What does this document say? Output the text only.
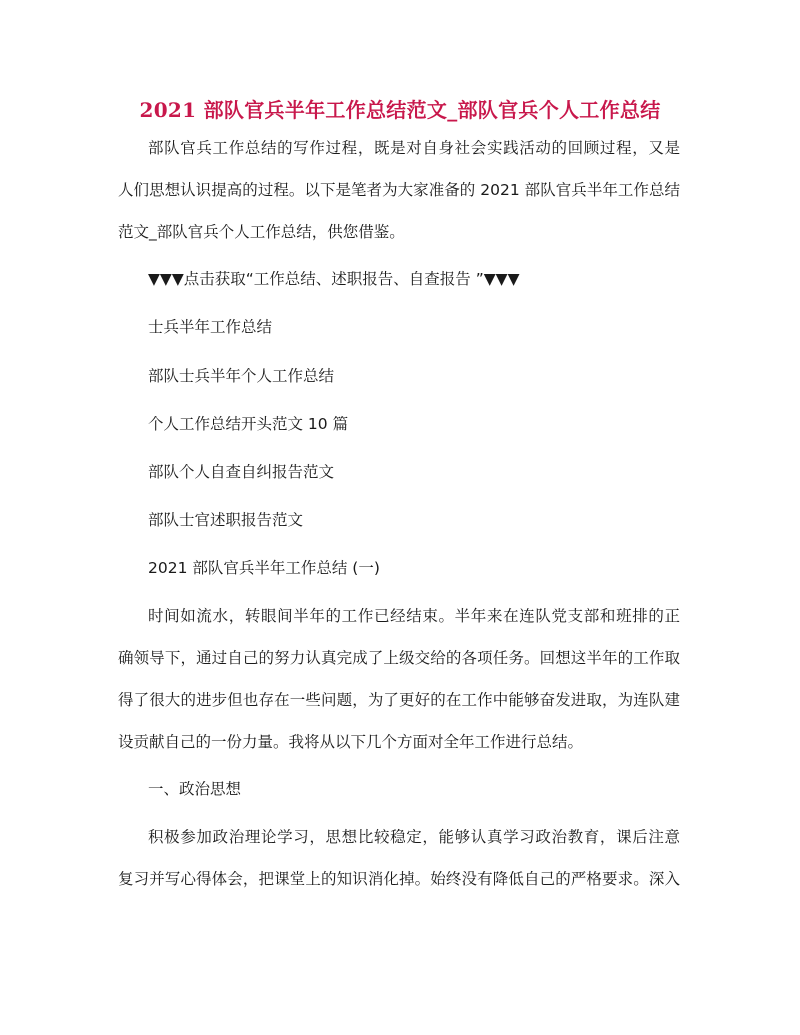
2021 部队官兵半年工作总结范文_部队官兵个人工作总结
部队官兵工作总结的写作过程，既是对自身社会实践活动的回顾过程，又是
人们思想认识提高的过程。以下是笔者为大家准备的 2021 部队官兵半年工作总结
范文_部队官兵个人工作总结，供您借鉴。
▼▼▼点击获取“工作总结、述职报告、自查报告 ”▼▼▼
士兵半年工作总结
部队士兵半年个人工作总结
个人工作总结开头范文 10 篇
部队个人自查自纠报告范文
部队士官述职报告范文
2021 部队官兵半年工作总结 (一)
时间如流水，转眼间半年的工作已经结束。半年来在连队党支部和班排的正
确领导下，通过自己的努力认真完成了上级交给的各项任务。回想这半年的工作取
得了很大的进步但也存在一些问题，为了更好的在工作中能够奋发进取，为连队建
设贡献自己的一份力量。我将从以下几个方面对全年工作进行总结。
一、政治思想
积极参加政治理论学习，思想比较稳定，能够认真学习政治教育，课后注意
复习并写心得体会，把课堂上的知识消化掉。始终没有降低自己的严格要求。深入
